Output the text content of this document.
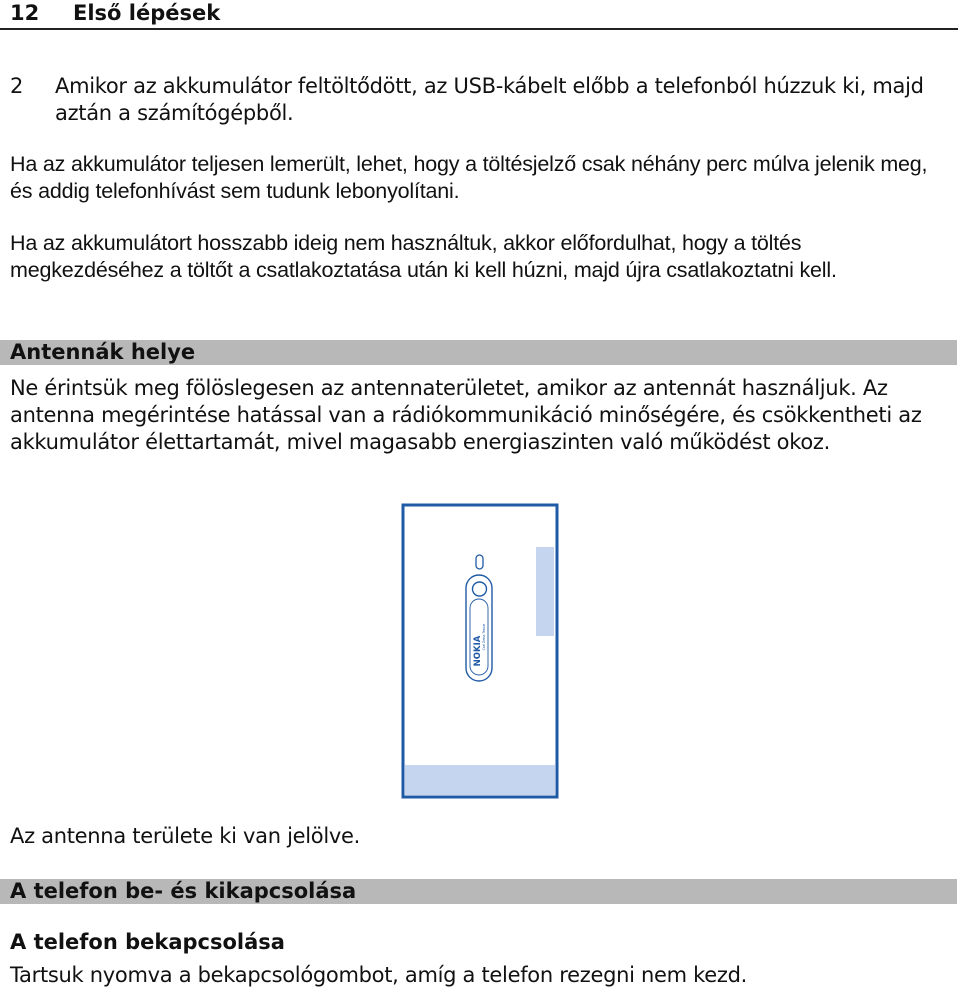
12 Első lépések
2 Amikor az akkumulátor feltöltődött, az USB-kábelt előbb a telefonból húzzuk ki, majd aztán a számítógépből.

Ha az akkumulátor teljesen lemerült, lehet, hogy a töltésjelző csak néhány perc múlva jelenik meg, és addig telefonhívást sem tudunk lebonyolítani.

Ha az akkumulátort hosszabb ideig nem használtuk, akkor előfordulhat, hogy a töltés megkezdéséhez a töltőt a csatlakoztatása után ki kell húzni, majd újra csatlakoztatni kell.

Antennák helye

Ne érintsük meg fölöslegesen az antennaterületet, amikor az antennát használjuk. Az antenna megérintése hatással van a rádiókommunikáció minőségére, és csökkentheti az akkumulátor élettartamát, mivel magasabb energiaszinten való működést okoz.

Carl Zeiss Tessar
NOKIA

Az antenna területe ki van jelölve.

A telefon be- és kikapcsolása
A telefon bekapcsolása

Tartsuk nyomva a bekapcsológombot, amíg a telefon rezegni nem kezd.
